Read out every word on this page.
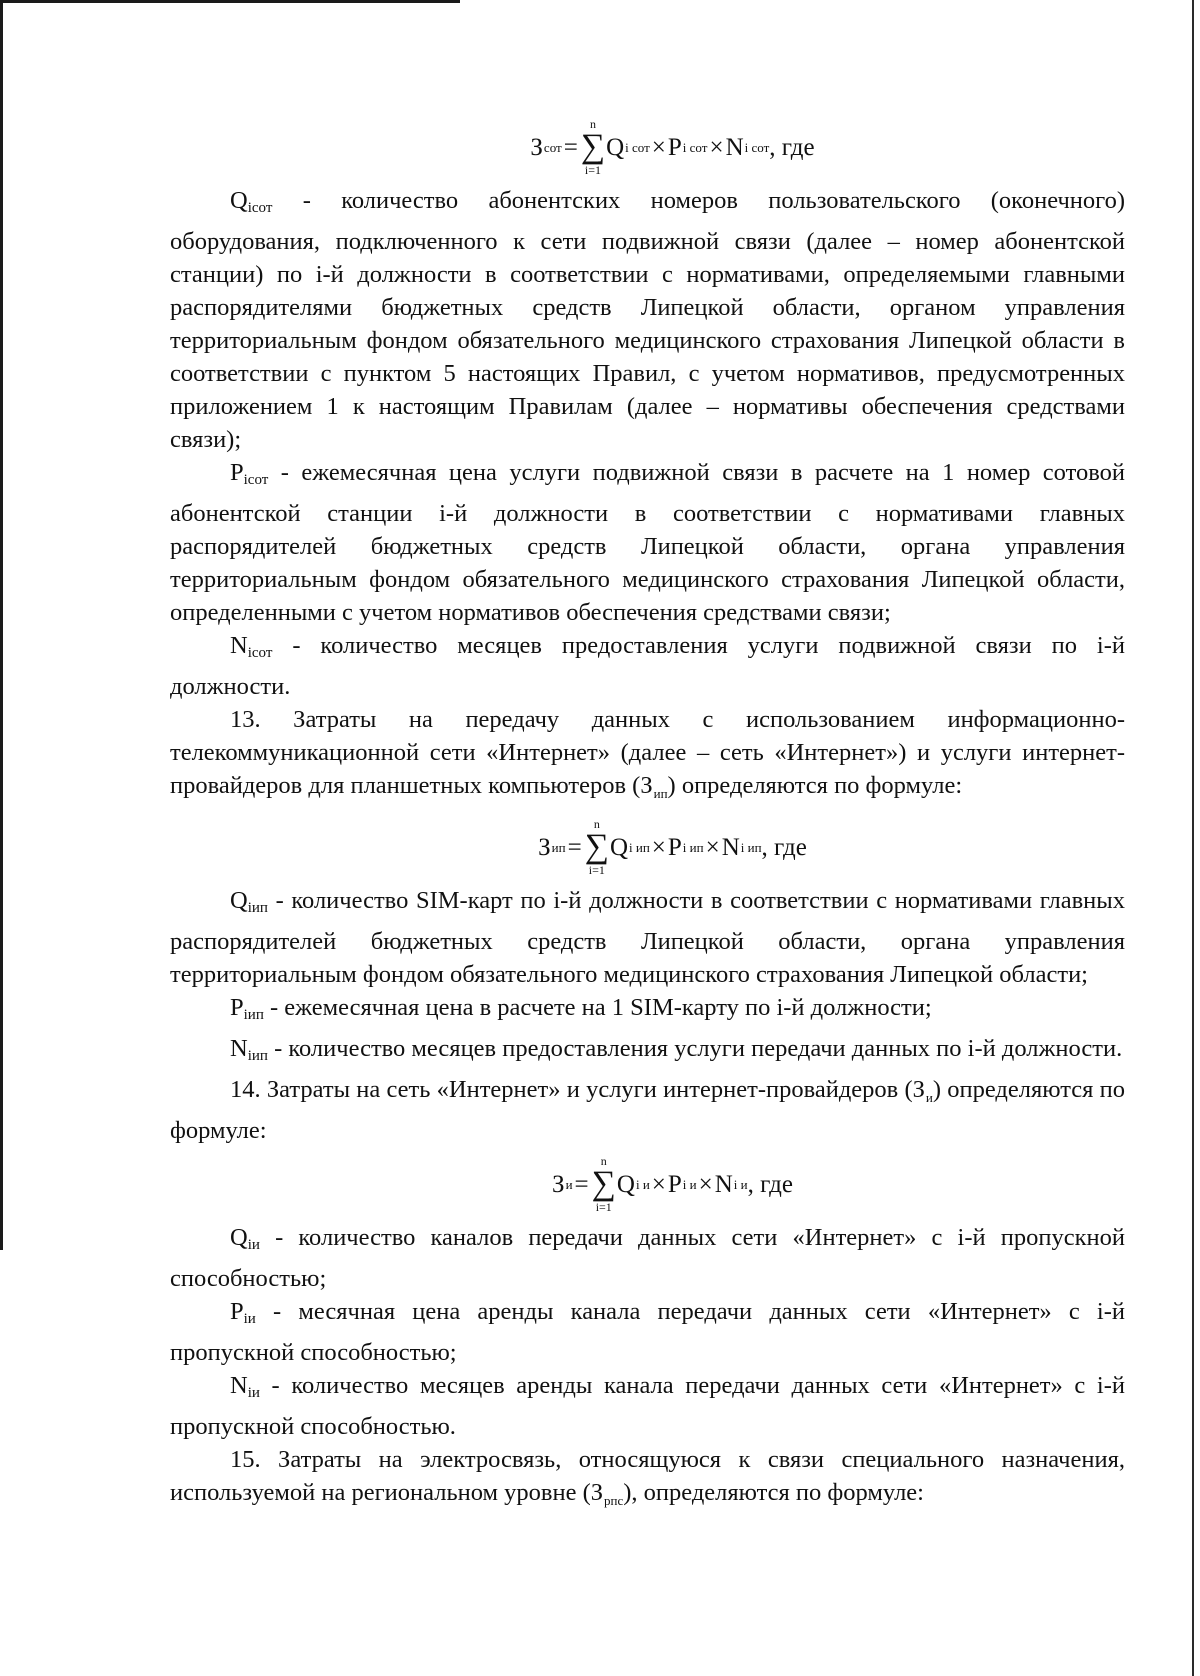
З сот =
n
∑
i=1
Q i сот × P i сот × N i сот , где

Qiсот - количество абонентских номеров пользовательского (оконечного) оборудования, подключенного к сети подвижной связи (далее – номер абонентской станции) по i-й должности в соответствии с нормативами, определяемыми главными распорядителями бюджетных средств Липецкой области, органом управления территориальным фондом обязательного медицинского страхования Липецкой области в соответствии с пунктом 5 настоящих Правил, с учетом нормативов, предусмотренных приложением 1 к настоящим Правилам (далее – нормативы обеспечения средствами связи);

Piсот - ежемесячная цена услуги подвижной связи в расчете на 1 номер сотовой абонентской станции i-й должности в соответствии с нормативами главных распорядителей бюджетных средств Липецкой области, органа управления территориальным фондом обязательного медицинского страхования Липецкой области, определенными с учетом нормативов обеспечения средствами связи;

Niсот - количество месяцев предоставления услуги подвижной связи по i-й должности.

13. Затраты на передачу данных с использованием информационно-телекоммуникационной сети «Интернет» (далее – сеть «Интернет») и услуги интернет-провайдеров для планшетных компьютеров $(З_{ип})$ определяются по формуле:

З ип =
n
∑
i=1
Q i ип × P i ип × N i ип , где

Qiип - количество SIM-карт по i-й должности в соответствии с нормативами главных распорядителей бюджетных средств Липецкой области, органа управления территориальным фондом обязательного медицинского страхования Липецкой области;

Piип - ежемесячная цена в расчете на 1 SIM-карту по i-й должности;

Niип - количество месяцев предоставления услуги передачи данных по i-й должности.

14. Затраты на сеть «Интернет» и услуги интернет-провайдеров $(З_и)$ определяются по формуле:

З и =
n
∑
i=1
Q i и × P i и × N i и , где

Qiи - количество каналов передачи данных сети «Интернет» с i-й пропускной способностью;

Piи - месячная цена аренды канала передачи данных сети «Интернет» с i-й пропускной способностью;

Niи - количество месяцев аренды канала передачи данных сети «Интернет» с i-й пропускной способностью.

15. Затраты на электросвязь, относящуюся к связи специального назначения, используемой на региональном уровне $(З_{рпс})$, определяются по формуле:
